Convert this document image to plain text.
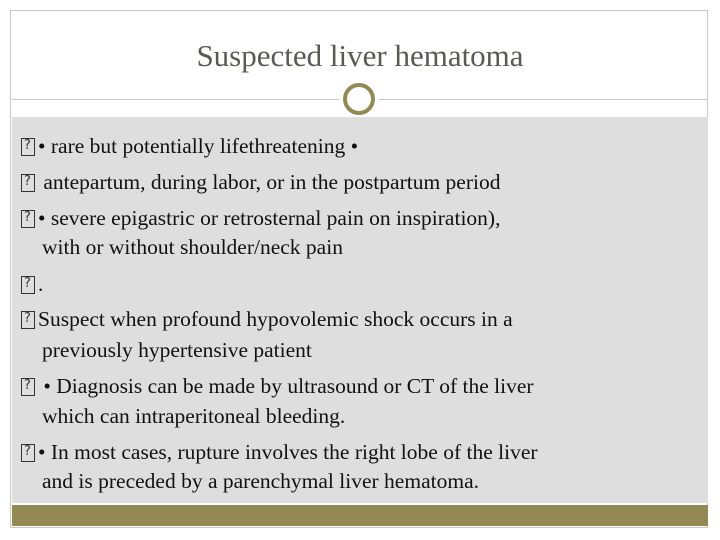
Suspected liver hematoma
?• rare but potentially lifethreatening •
? antepartum, during labor, or in the postpartum period
?• severe epigastric or retrosternal pain on inspiration),
with or without shoulder/neck pain
?.
?Suspect when profound hypovolemic shock occurs in a
previously hypertensive patient
? • Diagnosis can be made by ultrasound or CT of the liver
which can intraperitoneal bleeding.
?• In most cases, rupture involves the right lobe of the liver
and is preceded by a parenchymal liver hematoma.
